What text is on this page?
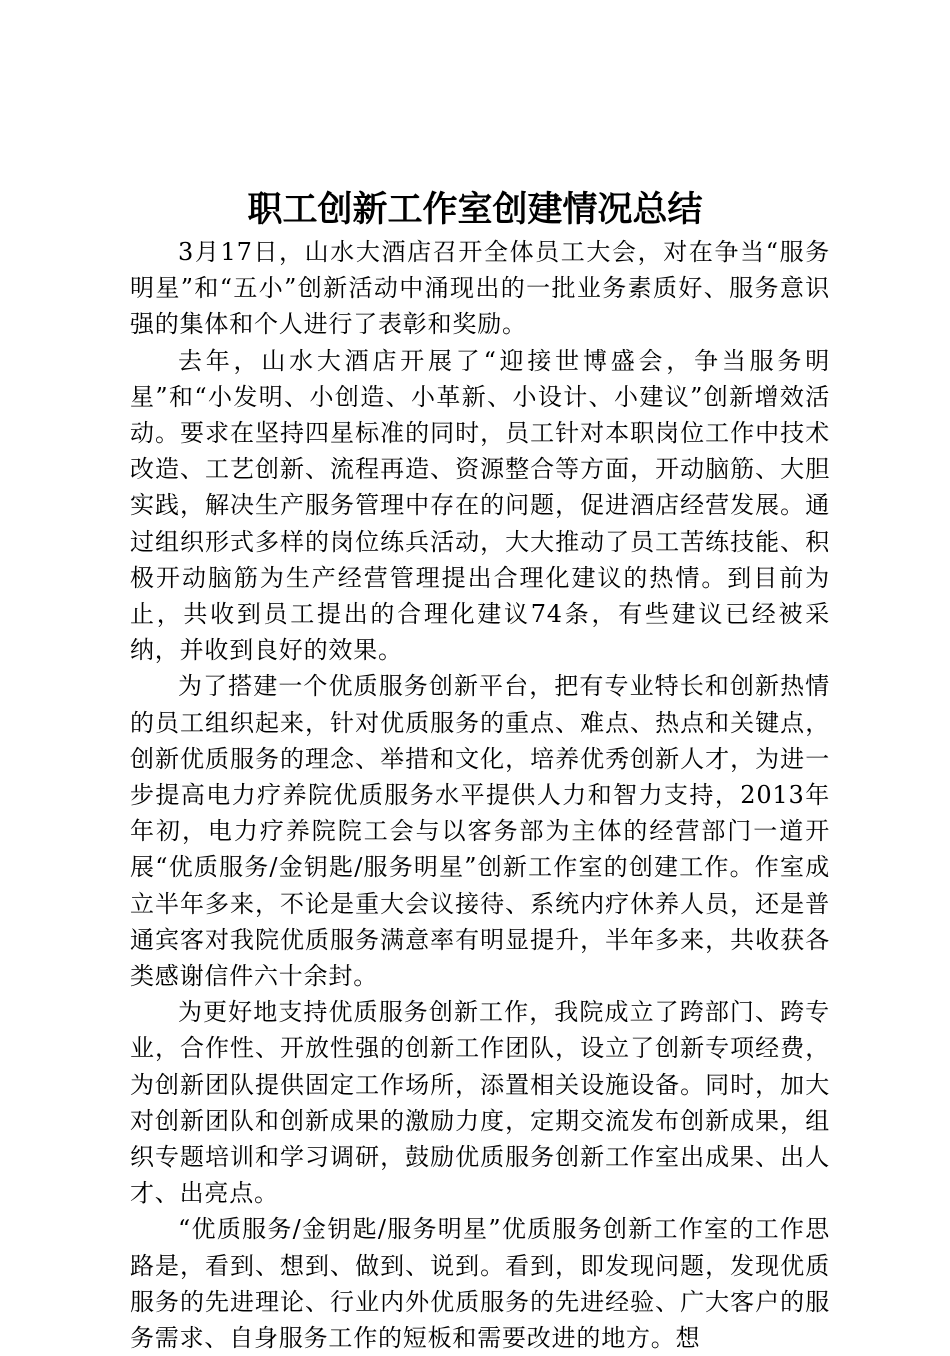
职工创新工作室创建情况总结

3月17日，山水大酒店召开全体员工大会，对在争当“服务明星”和“五小”创新活动中涌现出的一批业务素质好、服务意识强的集体和个人进行了表彰和奖励。

去年，山水大酒店开展了“迎接世博盛会，争当服务明星”和“小发明、小创造、小革新、小设计、小建议”创新增效活动。要求在坚持四星标准的同时，员工针对本职岗位工作中技术改造、工艺创新、流程再造、资源整合等方面，开动脑筋、大胆实践，解决生产服务管理中存在的问题，促进酒店经营发展。通过组织形式多样的岗位练兵活动，大大推动了员工苦练技能、积极开动脑筋为生产经营管理提出合理化建议的热情。到目前为止，共收到员工提出的合理化建议74条，有些建议已经被采纳，并收到良好的效果。

为了搭建一个优质服务创新平台，把有专业特长和创新热情的员工组织起来，针对优质服务的重点、难点、热点和关键点，创新优质服务的理念、举措和文化，培养优秀创新人才，为进一步提高电力疗养院优质服务水平提供人力和智力支持，2013年年初，电力疗养院院工会与以客务部为主体的经营部门一道开展“优质服务/金钥匙/服务明星”创新工作室的创建工作。作室成立半年多来，不论是重大会议接待、系统内疗休养人员，还是普通宾客对我院优质服务满意率有明显提升，半年多来，共收获各类感谢信件六十余封。

为更好地支持优质服务创新工作，我院成立了跨部门、跨专业，合作性、开放性强的创新工作团队，设立了创新专项经费，为创新团队提供固定工作场所，添置相关设施设备。同时，加大对创新团队和创新成果的激励力度，定期交流发布创新成果，组织专题培训和学习调研，鼓励优质服务创新工作室出成果、出人才、出亮点。

“优质服务/金钥匙/服务明星”优质服务创新工作室的工作思路是，看到、想到、做到、说到。看到，即发现问题，发现优质服务的先进理论、行业内外优质服务的先进经验、广大客户的服务需求、自身服务工作的短板和需要改进的地方。想
